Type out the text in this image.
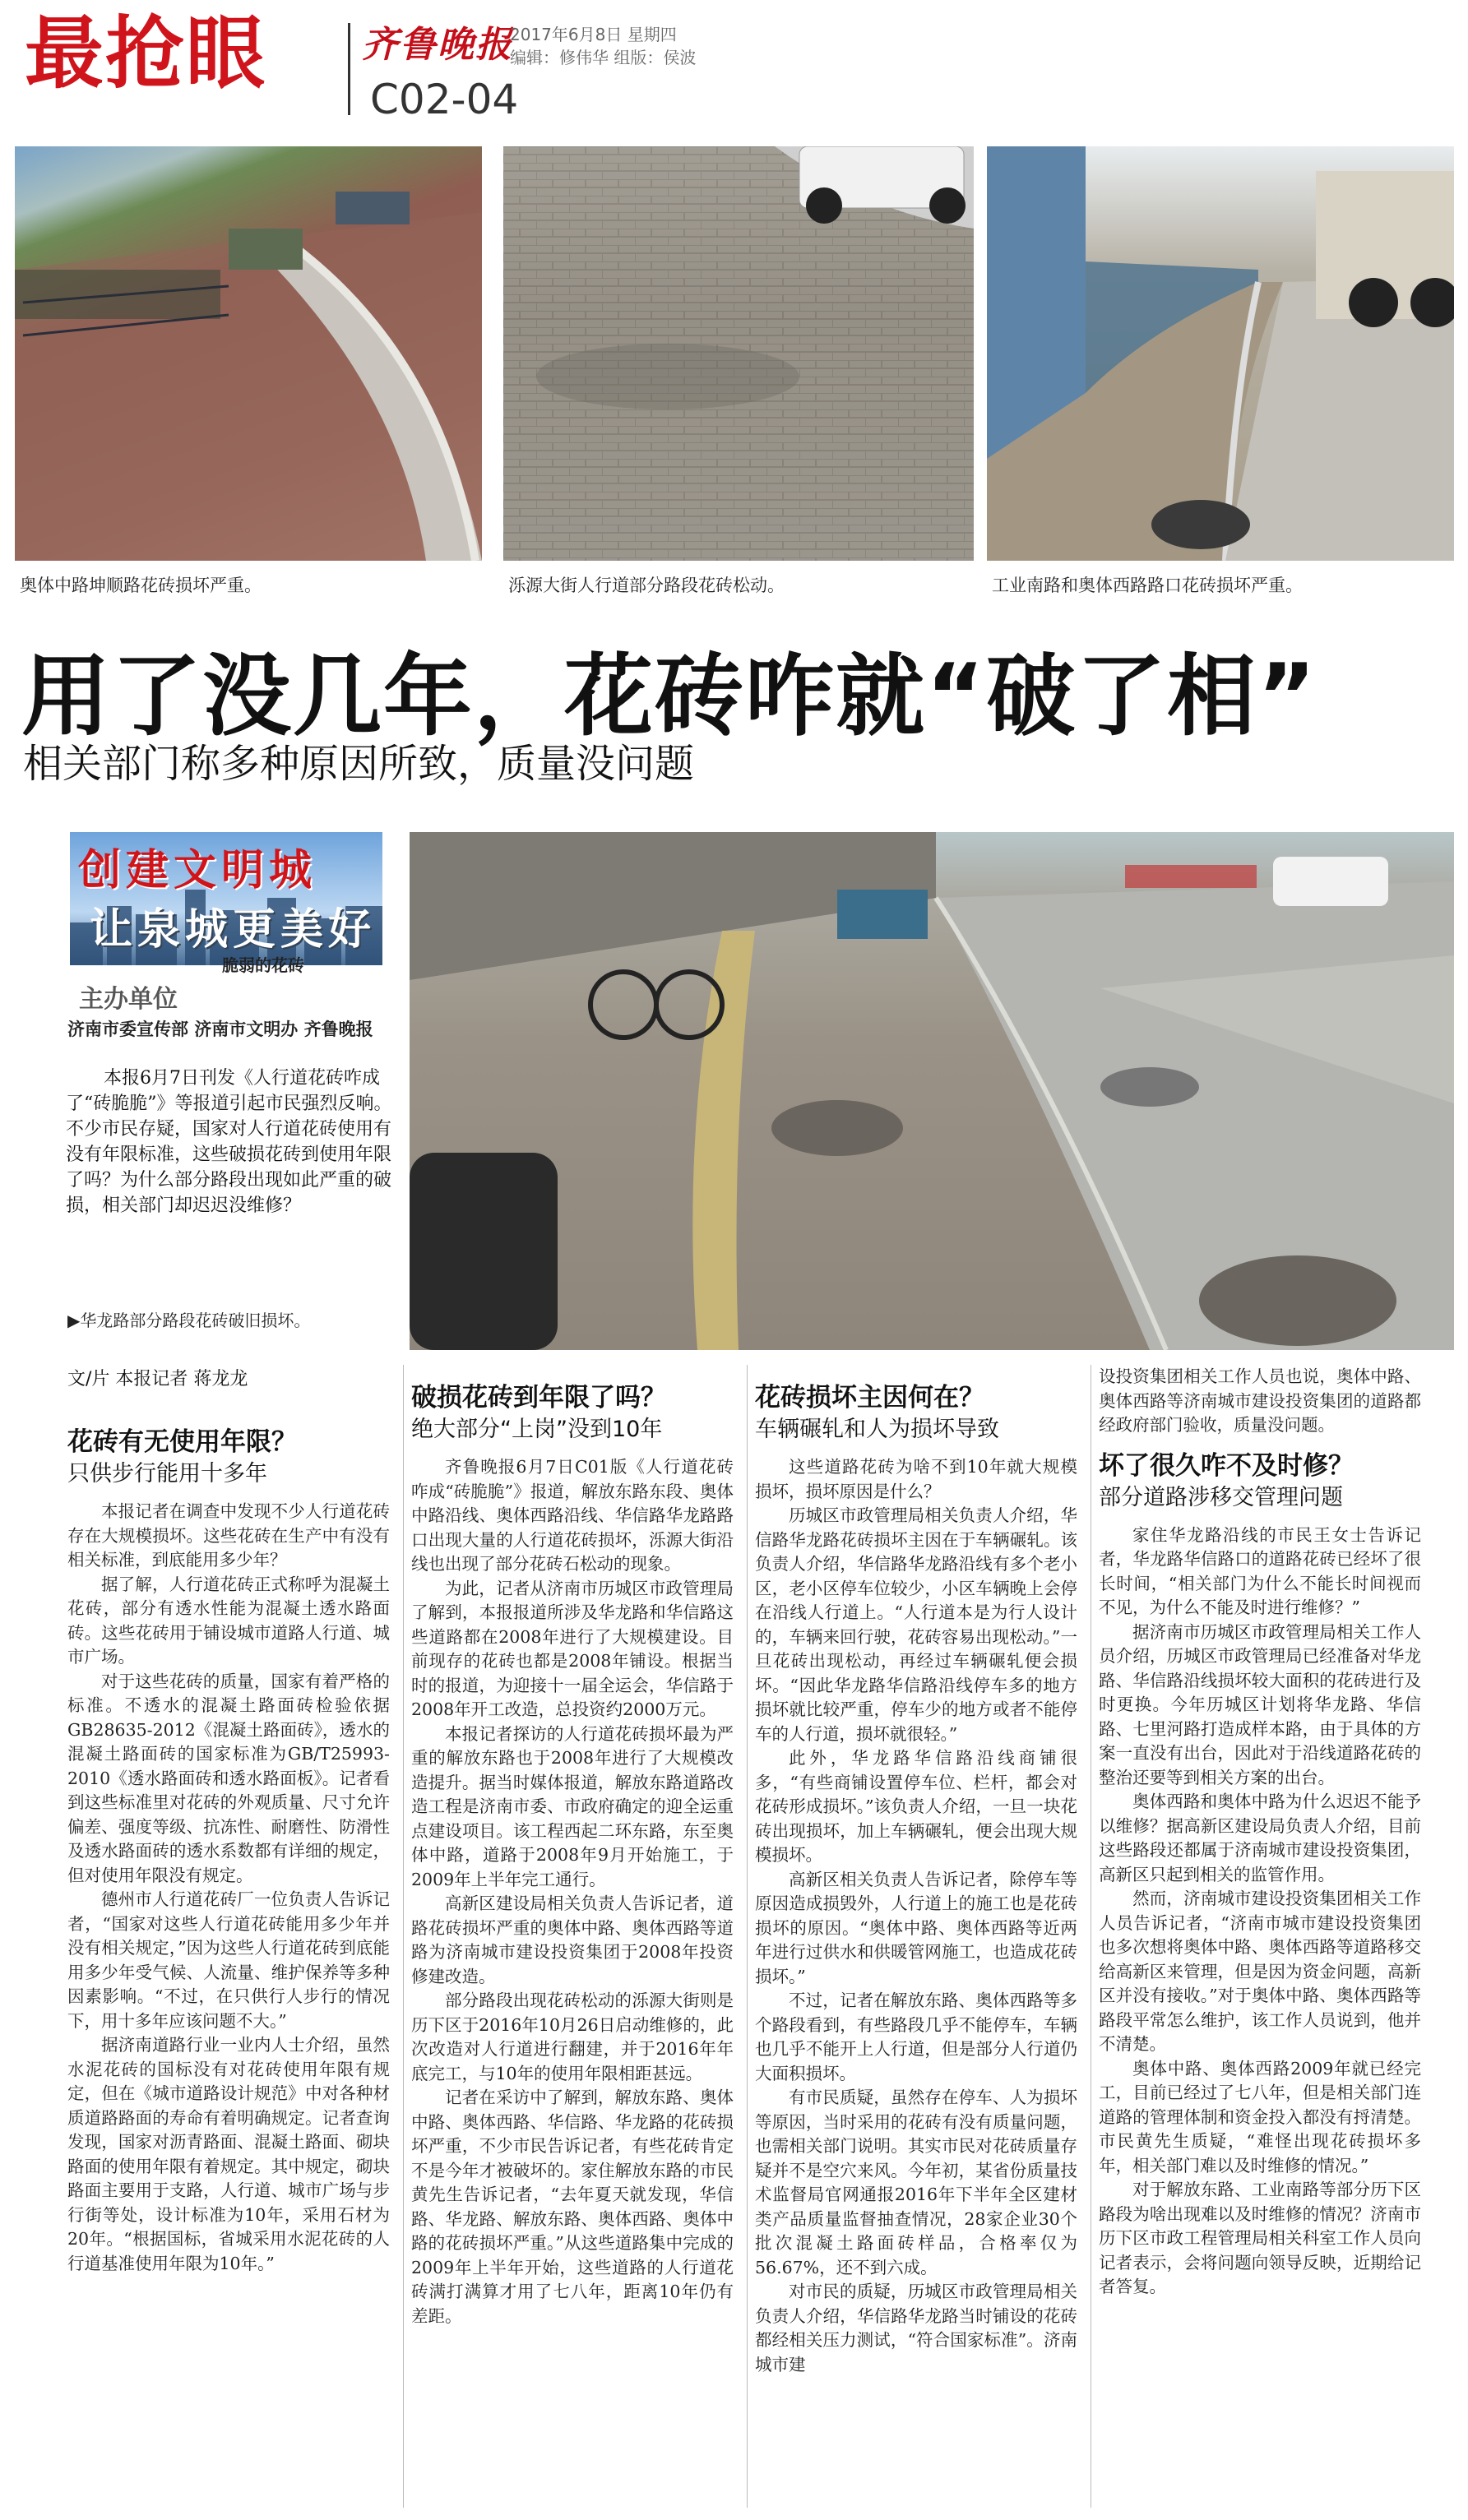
最抢眼	齐鲁晚报
2017年6月8日 星期四
编辑：修伟华 组版：侯波
C02-04
奥体中路坤顺路花砖损坏严重。	泺源大街人行道部分路段花砖松动。	工业南路和奥体西路路口花砖损坏严重。
用了没几年，花砖咋就“破了相”
相关部门称多种原因所致，质量没问题
创建文明城
让泉城更美好
主办单位
济南市委宣传部 济南市文明办 齐鲁晚报
本报6月7日刊发《人行道花砖咋成了“砖脆脆”》等报道引起市民强烈反响。不少市民存疑，国家对人行道花砖使用有没有年限标准，这些破损花砖到使用年限了吗？为什么部分路段出现如此严重的破损，相关部门却迟迟没维修？
脆弱的花砖
▶华龙路部分路段花砖破旧损坏。
文/片 本报记者 蒋龙龙
花砖有无使用年限？
只供步行能用十多年

本报记者在调查中发现不少人行道花砖存在大规模损坏。这些花砖在生产中有没有相关标准，到底能用多少年？

据了解，人行道花砖正式称呼为混凝土花砖，部分有透水性能为混凝土透水路面砖。这些花砖用于铺设城市道路人行道、城市广场。

对于这些花砖的质量，国家有着严格的标准。不透水的混凝土路面砖检验依据GB28635-2012《混凝土路面砖》，透水的混凝土路面砖的国家标准为GB/T25993-2010《透水路面砖和透水路面板》。记者看到这些标准里对花砖的外观质量、尺寸允许偏差、强度等级、抗冻性、耐磨性、防滑性及透水路面砖的透水系数都有详细的规定，但对使用年限没有规定。

德州市人行道花砖厂一位负责人告诉记者，“国家对这些人行道花砖能用多少年并没有相关规定，”因为这些人行道花砖到底能用多少年受气候、人流量、维护保养等多种因素影响。“不过，在只供行人步行的情况下，用十多年应该问题不大。”

据济南道路行业一业内人士介绍，虽然水泥花砖的国标没有对花砖使用年限有规定，但在《城市道路设计规范》中对各种材质道路路面的寿命有着明确规定。记者查询发现，国家对沥青路面、混凝土路面、砌块路面的使用年限有着规定。其中规定，砌块路面主要用于支路，人行道、城市广场与步行街等处，设计标准为10年，采用石材为20年。“根据国标，省城采用水泥花砖的人行道基准使用年限为10年。”

破损花砖到年限了吗？
绝大部分“上岗”没到10年

齐鲁晚报6月7日C01版《人行道花砖咋成“砖脆脆”》报道，解放东路东段、奥体中路沿线、奥体西路沿线、华信路华龙路路口出现大量的人行道花砖损坏，泺源大街沿线也出现了部分花砖石松动的现象。

为此，记者从济南市历城区市政管理局了解到，本报报道所涉及华龙路和华信路这些道路都在2008年进行了大规模建设。目前现存的花砖也都是2008年铺设。根据当时的报道，为迎接十一届全运会，华信路于2008年开工改造，总投资约2000万元。

本报记者探访的人行道花砖损坏最为严重的解放东路也于2008年进行了大规模改造提升。据当时媒体报道，解放东路道路改造工程是济南市委、市政府确定的迎全运重点建设项目。该工程西起二环东路，东至奥体中路，道路于2008年9月开始施工，于2009年上半年完工通行。

高新区建设局相关负责人告诉记者，道路花砖损坏严重的奥体中路、奥体西路等道路为济南城市建设投资集团于2008年投资修建改造。

部分路段出现花砖松动的泺源大街则是历下区于2016年10月26日启动维修的，此次改造对人行道进行翻建，并于2016年年底完工，与10年的使用年限相距甚远。

记者在采访中了解到，解放东路、奥体中路、奥体西路、华信路、华龙路的花砖损坏严重，不少市民告诉记者，有些花砖肯定不是今年才被破坏的。家住解放东路的市民黄先生告诉记者，“去年夏天就发现，华信路、华龙路、解放东路、奥体西路、奥体中路的花砖损坏严重。”从这些道路集中完成的2009年上半年开始，这些道路的人行道花砖满打满算才用了七八年，距离10年仍有差距。

花砖损坏主因何在？
车辆碾轧和人为损坏导致

这些道路花砖为啥不到10年就大规模损坏，损坏原因是什么？

历城区市政管理局相关负责人介绍，华信路华龙路花砖损坏主因在于车辆碾轧。该负责人介绍，华信路华龙路沿线有多个老小区，老小区停车位较少，小区车辆晚上会停在沿线人行道上。“人行道本是为行人设计的，车辆来回行驶，花砖容易出现松动。”一旦花砖出现松动，再经过车辆碾轧便会损坏。“因此华龙路华信路沿线停车多的地方损坏就比较严重，停车少的地方或者不能停车的人行道，损坏就很轻。”

此外，华龙路华信路沿线商铺很多，“有些商铺设置停车位、栏杆，都会对花砖形成损坏。”该负责人介绍，一旦一块花砖出现损坏，加上车辆碾轧，便会出现大规模损坏。

高新区相关负责人告诉记者，除停车等原因造成损毁外，人行道上的施工也是花砖损坏的原因。“奥体中路、奥体西路等近两年进行过供水和供暖管网施工，也造成花砖损坏。”

不过，记者在解放东路、奥体西路等多个路段看到，有些路段几乎不能停车，车辆也几乎不能开上人行道，但是部分人行道仍大面积损坏。

有市民质疑，虽然存在停车、人为损坏等原因，当时采用的花砖有没有质量问题，也需相关部门说明。其实市民对花砖质量存疑并不是空穴来风。今年初，某省份质量技术监督局官网通报2016年下半年全区建材类产品质量监督抽查情况，28家企业30个批次混凝土路面砖样品，合格率仅为56.67%，还不到六成。

对市民的质疑，历城区市政管理局相关负责人介绍，华信路华龙路当时铺设的花砖都经相关压力测试，“符合国家标准”。济南城市建

设投资集团相关工作人员也说，奥体中路、奥体西路等济南城市建设投资集团的道路都经政府部门验收，质量没问题。

坏了很久咋不及时修？
部分道路涉移交管理问题

家住华龙路沿线的市民王女士告诉记者，华龙路华信路口的道路花砖已经坏了很长时间，“相关部门为什么不能长时间视而不见，为什么不能及时进行维修？”

据济南市历城区市政管理局相关工作人员介绍，历城区市政管理局已经准备对华龙路、华信路沿线损坏较大面积的花砖进行及时更换。今年历城区计划将华龙路、华信路、七里河路打造成样本路，由于具体的方案一直没有出台，因此对于沿线道路花砖的整治还要等到相关方案的出台。

奥体西路和奥体中路为什么迟迟不能予以维修？据高新区建设局负责人介绍，目前这些路段还都属于济南城市建设投资集团，高新区只起到相关的监管作用。

然而，济南城市建设投资集团相关工作人员告诉记者，“济南市城市建设投资集团也多次想将奥体中路、奥体西路等道路移交给高新区来管理，但是因为资金问题，高新区并没有接收。”对于奥体中路、奥体西路等路段平常怎么维护，该工作人员说到，他并不清楚。

奥体中路、奥体西路2009年就已经完工，目前已经过了七八年，但是相关部门连道路的管理体制和资金投入都没有捋清楚。市民黄先生质疑，“难怪出现花砖损坏多年，相关部门难以及时维修的情况。”

对于解放东路、工业南路等部分历下区路段为啥出现难以及时维修的情况？济南市历下区市政工程管理局相关科室工作人员向记者表示，会将问题向领导反映，近期给记者答复。
